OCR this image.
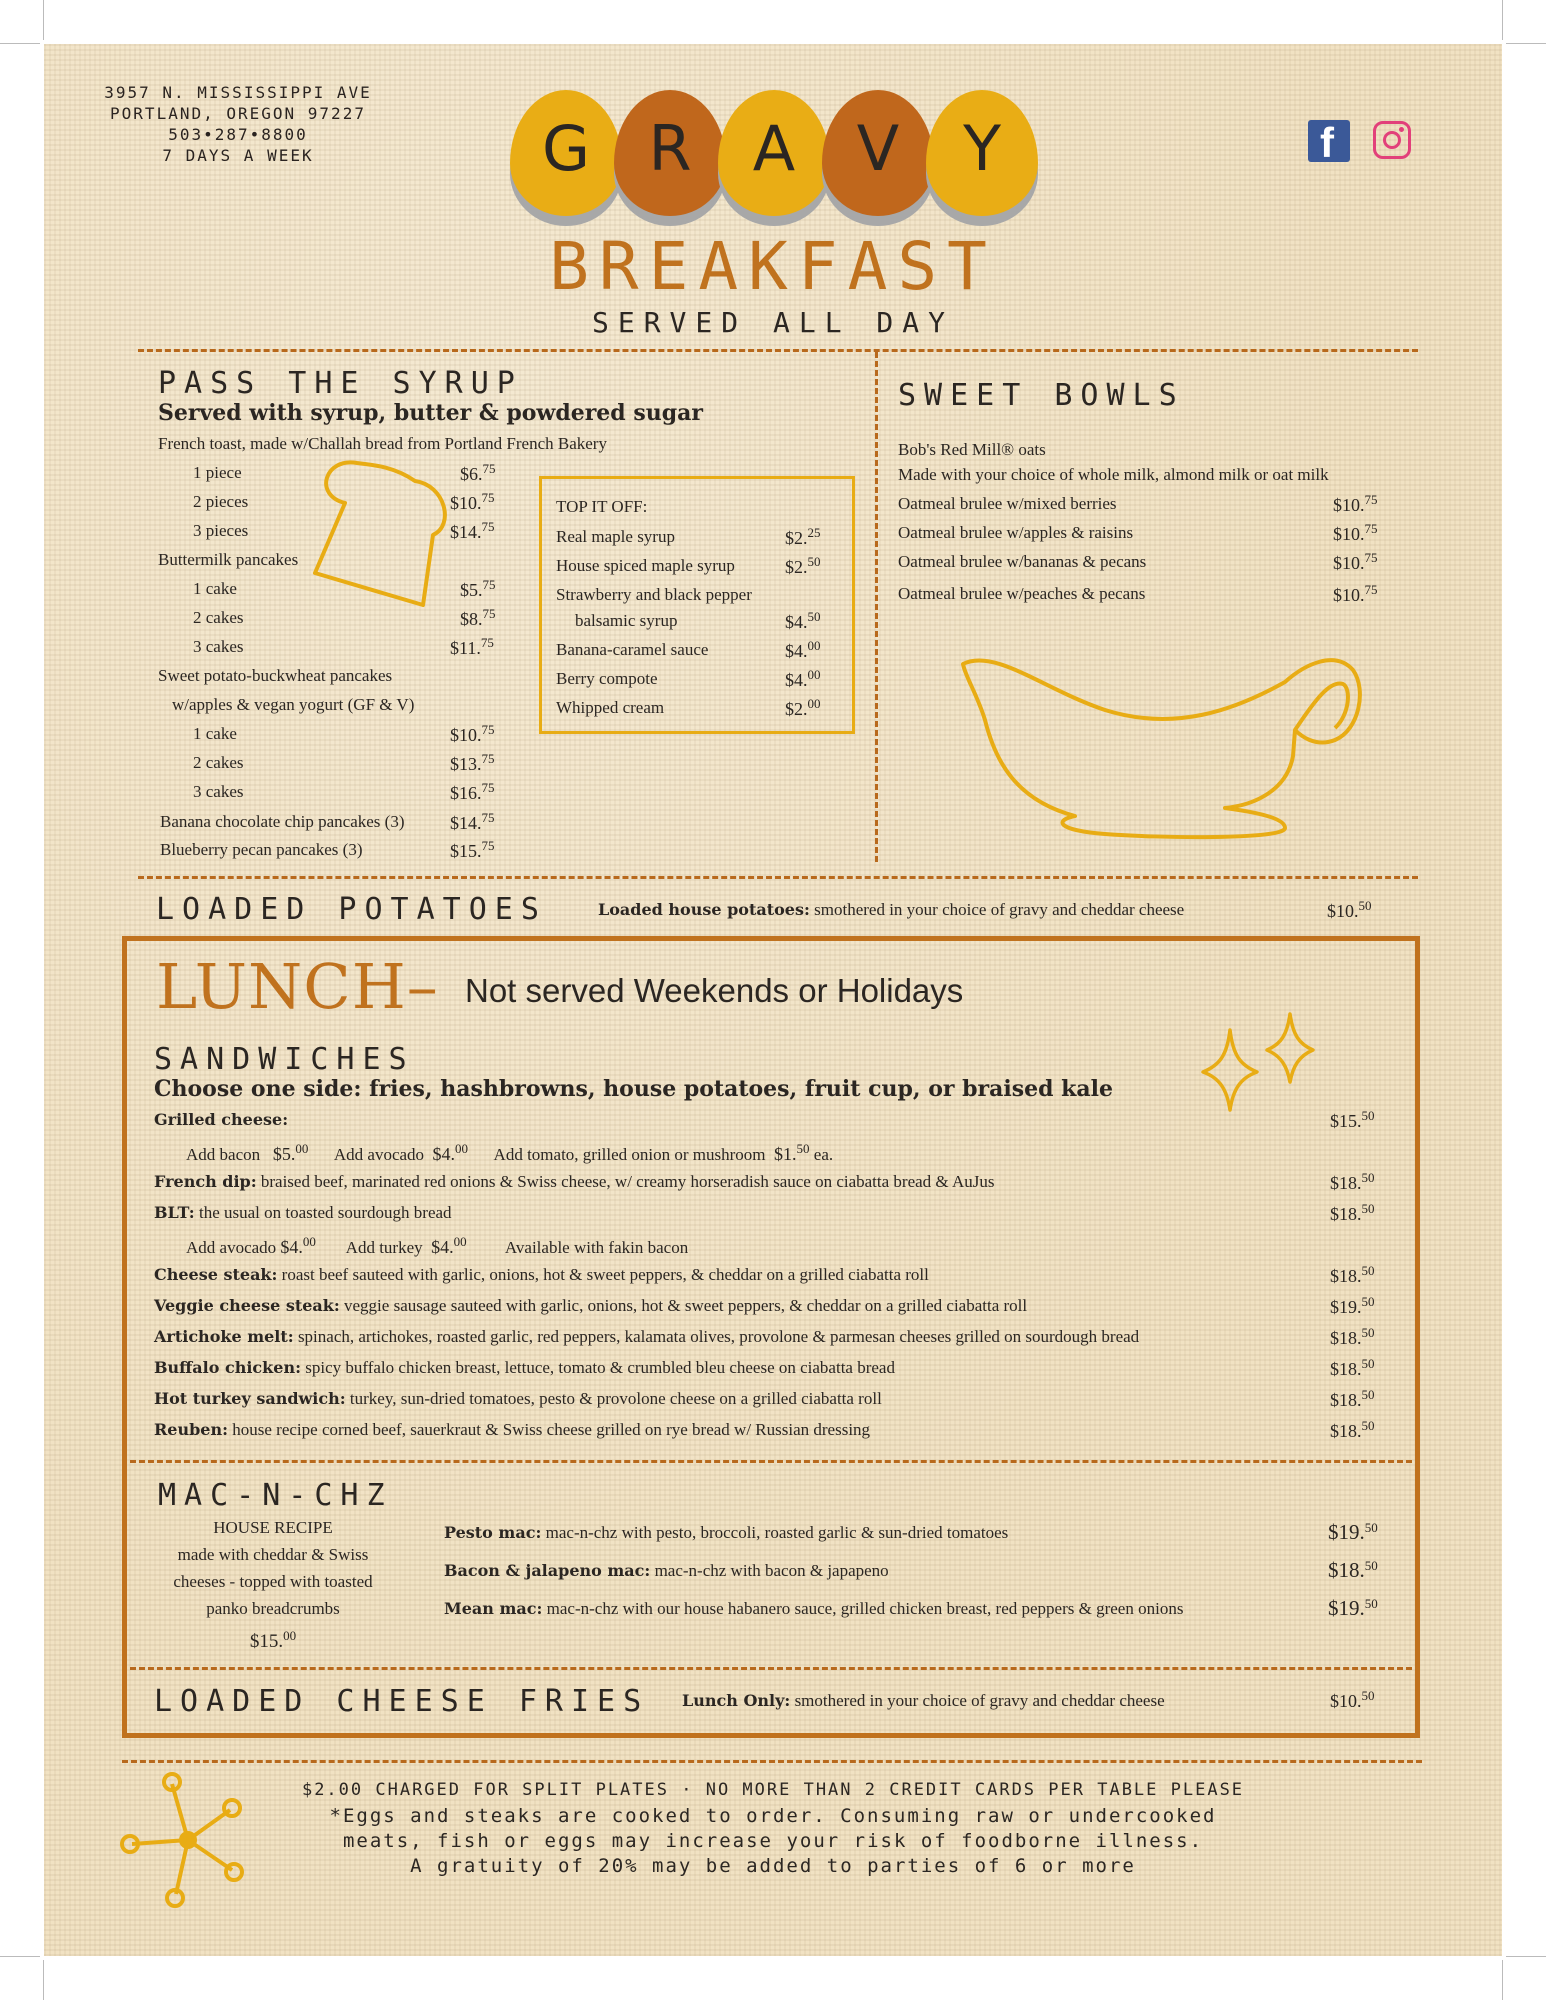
3957 N. MISSISSIPPI AVE
PORTLAND, OREGON 97227
503•287•8800
7 DAYS A WEEK	G R A V	Y	f
BREAKFAST
SERVED ALL DAY
PASS THE SYRUP
Served with syrup, butter & powdered sugar
French toast, made w/Challah bread from Portland French Bakery
1 piece	$6.75
2 pieces	$10.75
3 pieces	$14.75
Buttermilk pancakes
1 cake	$5.75
2 cakes	$8.75
3 cakes	$11.75
Sweet potato-buckwheat pancakes
w/apples & vegan yogurt (GF & V)
1 cake	$10.75
2 cakes	$13.75
3 cakes	$16.75
Banana chocolate chip pancakes (3)	$14.75
Blueberry pecan pancakes (3)	$15.75
TOP IT OFF:
Real maple syrup	$2.25
House spiced maple syrup	$2.50
Strawberry and black pepper
balsamic syrup	$4.50
Banana-caramel sauce	$4.00
Berry compote	$4.00
Whipped cream	$2.00
SWEET BOWLS
Bob's Red Mill® oats
Made with your choice of whole milk, almond milk or oat milk
Oatmeal brulee w/mixed berries	$10.75
Oatmeal brulee w/apples & raisins	$10.75
Oatmeal brulee w/bananas & pecans	$10.75
Oatmeal brulee w/peaches & pecans	$10.75
LOADED POTATOES	Loaded house potatoes: smothered in your choice of gravy and cheddar cheese	$10.50
LUNCH– Not served Weekends or Holidays
SANDWICHES
Choose one side: fries, hashbrowns, house potatoes, fruit cup, or braised kale
Grilled cheese:	$15.50
Add bacon $5.00 Add avocado $4.00 Add tomato, grilled onion or mushroom $1.50 ea.
French dip: braised beef, marinated red onions & Swiss cheese, w/ creamy horseradish sauce on ciabatta bread & AuJus	$18.50
BLT: the usual on toasted sourdough bread	$18.50
Add avocado $4.00 Add turkey $4.00 Available with fakin bacon
Cheese steak: roast beef sauteed with garlic, onions, hot & sweet peppers, & cheddar on a grilled ciabatta roll	$18.50
Veggie cheese steak: veggie sausage sauteed with garlic, onions, hot & sweet peppers, & cheddar on a grilled ciabatta roll	$19.50
Artichoke melt: spinach, artichokes, roasted garlic, red peppers, kalamata olives, provolone & parmesan cheeses grilled on sourdough bread	$18.50
Buffalo chicken: spicy buffalo chicken breast, lettuce, tomato & crumbled bleu cheese on ciabatta bread	$18.50
Hot turkey sandwich: turkey, sun-dried tomatoes, pesto & provolone cheese on a grilled ciabatta roll	$18.50
Reuben: house recipe corned beef, sauerkraut & Swiss cheese grilled on rye bread w/ Russian dressing	$18.50
MAC-N-CHZ
HOUSE RECIPE
made with cheddar & Swiss
cheeses - topped with toasted
panko breadcrumbs
$15.00
Pesto mac: mac-n-chz with pesto, broccoli, roasted garlic & sun-dried tomatoes	$19.50
Bacon & jalapeno mac: mac-n-chz with bacon & japapeno	$18.50
Mean mac: mac-n-chz with our house habanero sauce, grilled chicken breast, red peppers & green onions	$19.50
LOADED CHEESE FRIES Lunch Only: smothered in your choice of gravy and cheddar cheese	$10.50
$2.00 CHARGED FOR SPLIT PLATES · NO MORE THAN 2 CREDIT CARDS PER TABLE PLEASE
*Eggs and steaks are cooked to order. Consuming raw or undercooked
meats, fish or eggs may increase your risk of foodborne illness.
A gratuity of 20% may be added to parties of 6 or more
